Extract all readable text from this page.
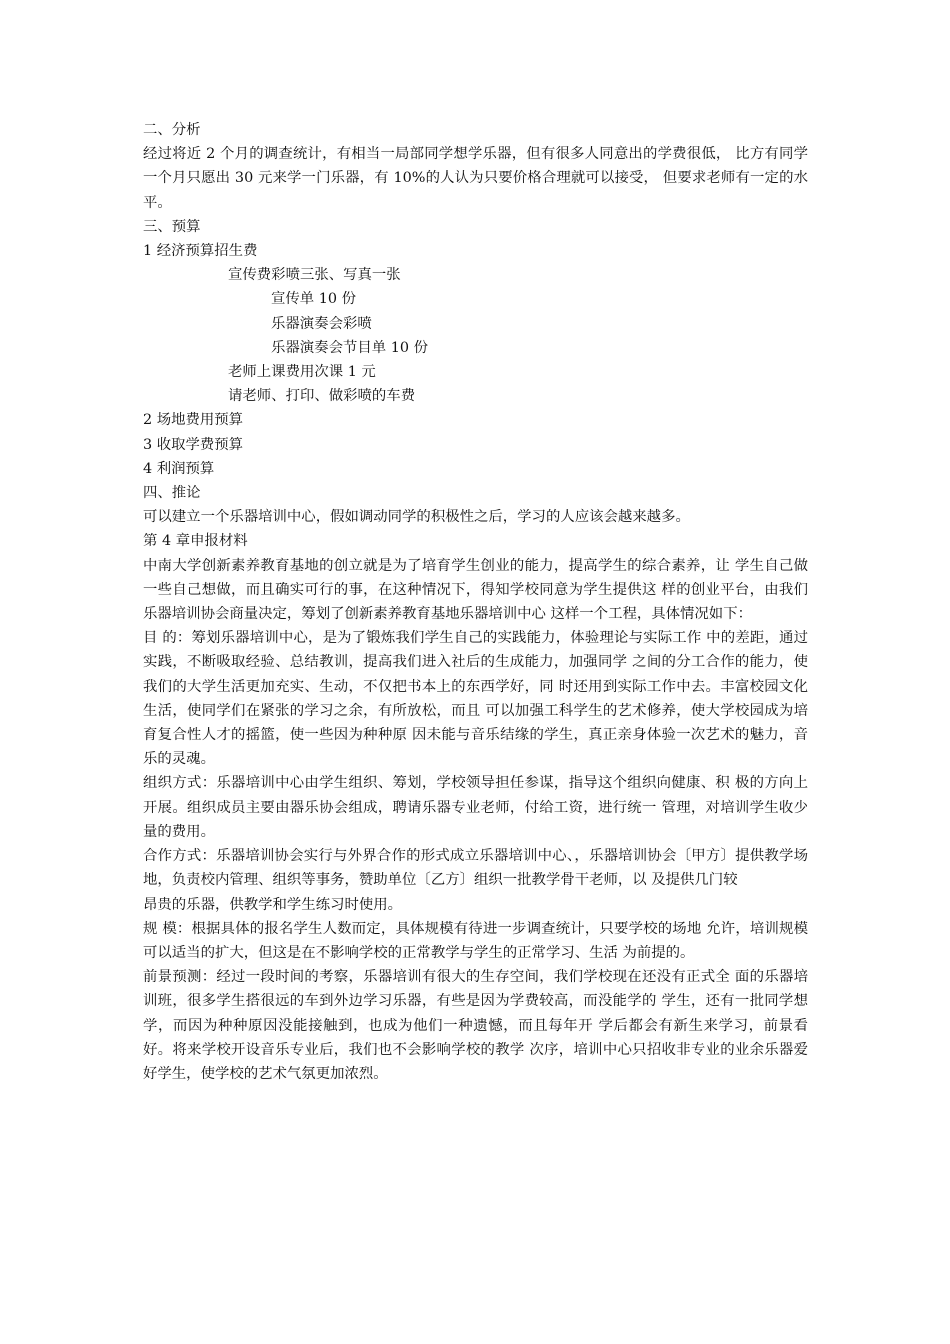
二、分析
经过将近 2 个月的调查统计，有相当一局部同学想学乐器，但有很多人同意出的学费很低， 比方有同学一个月只愿出 30 元来学一门乐器，有 10%的人认为只要价格合理就可以接受， 但要求老师有一定的水平。
三、预算
1 经济预算招生费
宣传费彩喷三张、写真一张
宣传单 10 份
乐器演奏会彩喷
乐器演奏会节目单 10 份
老师上课费用次课 1 元
请老师、打印、做彩喷的车费
2 场地费用预算
3 收取学费预算
4 利润预算
四、推论
可以建立一个乐器培训中心，假如调动同学的积极性之后，学习的人应该会越来越多。
第 4 章申报材料
中南大学创新素养教育基地的创立就是为了培育学生创业的能力，提高学生的综合素养，让 学生自己做一些自己想做，而且确实可行的事，在这种情况下，得知学校同意为学生提供这 样的创业平台，由我们乐器培训协会商量决定，筹划了创新素养教育基地乐器培训中心 这样一个工程，具体情况如下：
目 的：筹划乐器培训中心，是为了锻炼我们学生自己的实践能力，体验理论与实际工作 中的差距，通过实践，不断吸取经验、总结教训，提高我们进入社后的生成能力，加强同学 之间的分工合作的能力，使我们的大学生活更加充实、生动，不仅把书本上的东西学好，同 时还用到实际工作中去。丰富校园文化生活，使同学们在紧张的学习之余，有所放松，而且 可以加强工科学生的艺术修养，使大学校园成为培育复合性人才的摇篮，使一些因为种种原 因未能与音乐结缘的学生，真正亲身体验一次艺术的魅力，音乐的灵魂。
组织方式：乐器培训中心由学生组织、筹划，学校领导担任参谋，指导这个组织向健康、积 极的方向上开展。组织成员主要由器乐协会组成，聘请乐器专业老师，付给工资，进行统一 管理，对培训学生收少量的费用。
合作方式：乐器培训协会实行与外界合作的形式成立乐器培训中心、，乐器培训协会〔甲方〕提供教学场地，负责校内管理、组织等事务，赞助单位〔乙方〕组织一批教学骨干老师，以 及提供几门较
昂贵的乐器，供教学和学生练习时使用。
规 模：根据具体的报名学生人数而定，具体规模有待进一步调查统计，只要学校的场地 允许，培训规模可以适当的扩大，但这是在不影响学校的正常教学与学生的正常学习、生活 为前提的。
前景预测：经过一段时间的考察，乐器培训有很大的生存空间，我们学校现在还没有正式全 面的乐器培训班，很多学生搭很远的车到外边学习乐器，有些是因为学费较高，而没能学的 学生，还有一批同学想学，而因为种种原因没能接触到，也成为他们一种遗憾，而且每年开 学后都会有新生来学习，前景看好。将来学校开设音乐专业后，我们也不会影响学校的教学 次序，培训中心只招收非专业的业余乐器爱好学生，使学校的艺术气氛更加浓烈。
